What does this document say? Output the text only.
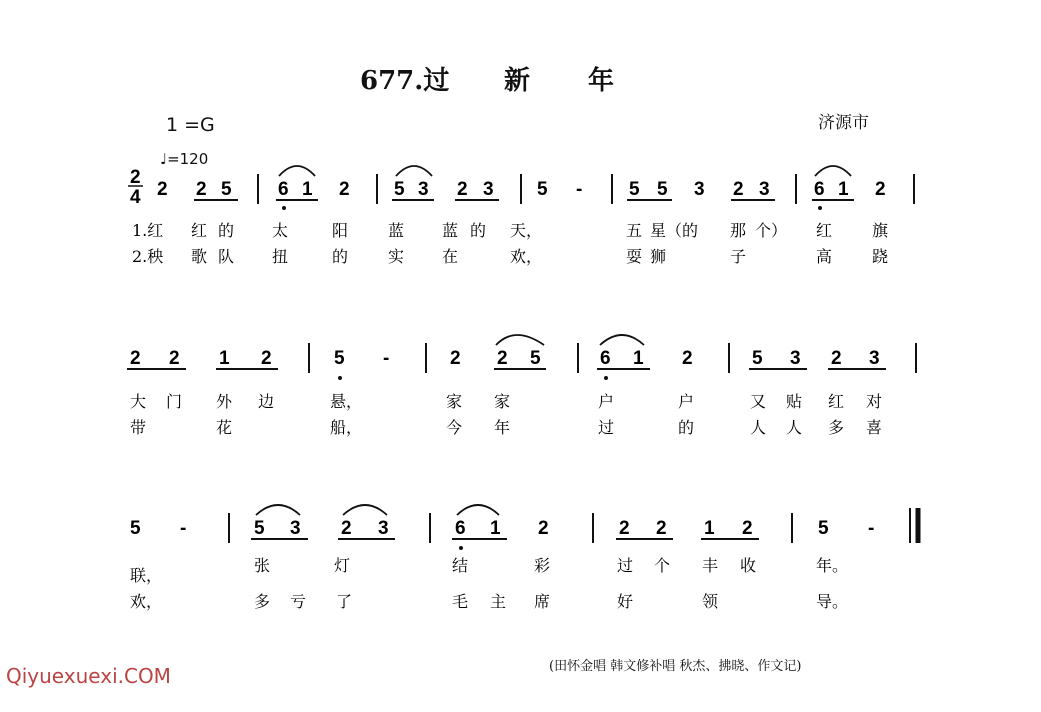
677.过 新 年
1 =G
♩=120
济源市
(田怀金唱 韩文修补唱 秋杰、拂晓、作文记)
Qiyuexuexi.COM
2
4 2 2 5 6 1 2 5 3 2 3 5 - 5 5 3 2 3 6 1 2
1.红 红 的 太	阳 蓝 蓝 的 天，	五 星（的 那 个） 红 旗
2.秧 歌 队 扭	的 实 在	欢，	耍 狮	子	高 跷
2 2 1 2	5 -	2 2 5	6 1 2	5 3 2 3
大 门 外 边	悬，	家 家	户	户	又 贴 红 对
带	花	船，	今 年	过	的	人 人 多 喜
5 -	5 3 2 3	6 1 2	2 2 1 2	5 -
联，
张	灯	结	彩	过 个 丰 收	年。
欢，	多 亏 了	毛 主 席	好	领	导。
